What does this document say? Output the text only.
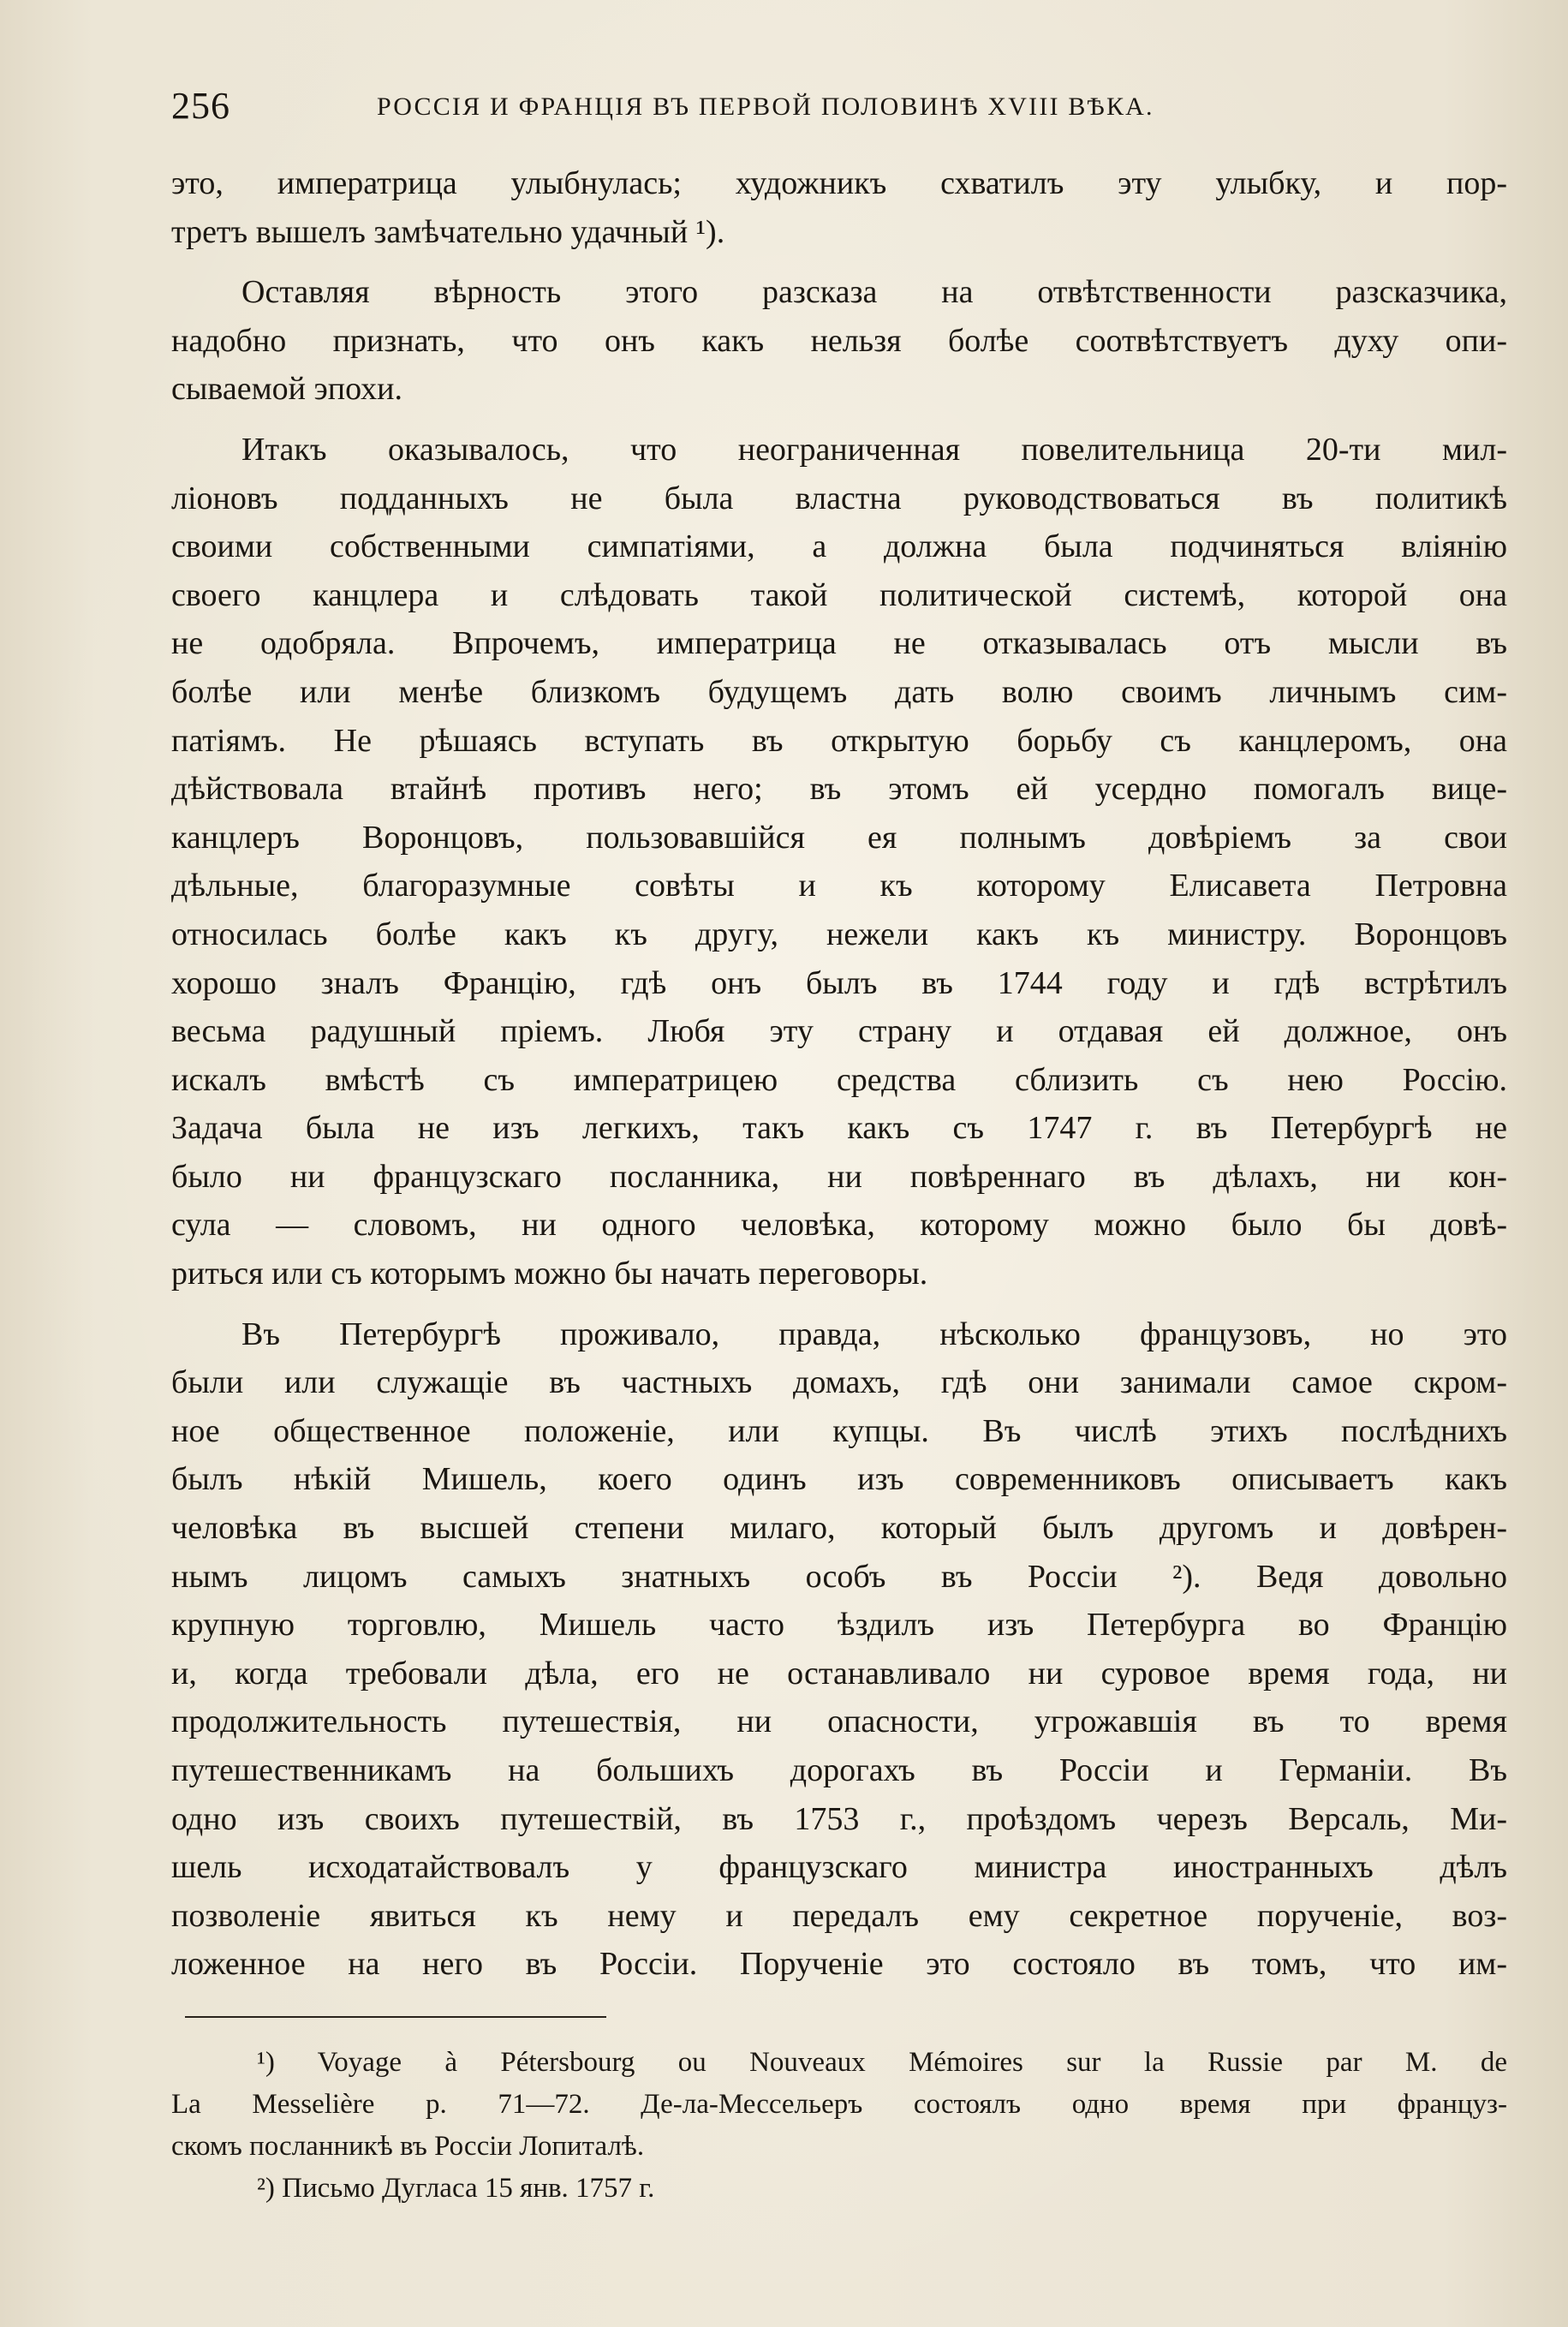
256	РОССІЯ И ФРАНЦІЯ ВЪ ПЕРВОЙ ПОЛОВИНѢ XVIII ВѢКА.
это, императрица улыбнулась; художникъ схватилъ эту улыбку, и пор-
третъ вышелъ замѣчательно удачный ¹).
Оставляя вѣрность этого разсказа на отвѣтственности разсказчика,
надобно признать, что онъ какъ нельзя болѣе соотвѣтствуетъ духу опи-
сываемой эпохи.
Итакъ оказывалось, что неограниченная повелительница 20-ти мил-
ліоновъ подданныхъ не была властна руководствоваться въ политикѣ
своими собственными симпатіями, а должна была подчиняться вліянію
своего канцлера и слѣдовать такой политической системѣ, которой она
не одобряла. Впрочемъ, императрица не отказывалась отъ мысли въ
болѣе или менѣе близкомъ будущемъ дать волю своимъ личнымъ сим-
патіямъ. Не рѣшаясь вступать въ открытую борьбу съ канцлеромъ, она
дѣйствовала втайнѣ противъ него; въ этомъ ей усердно помогалъ вице-
канцлеръ Воронцовъ, пользовавшійся ея полнымъ довѣріемъ за свои
дѣльные, благоразумные совѣты и къ которому Елисавета Петровна
относилась болѣе какъ къ другу, нежели какъ къ министру. Воронцовъ
хорошо зналъ Францію, гдѣ онъ былъ въ 1744 году и гдѣ встрѣтилъ
весьма радушный пріемъ. Любя эту страну и отдавая ей должное, онъ
искалъ вмѣстѣ съ императрицею средства сблизить съ нею Россію.
Задача была не изъ легкихъ, такъ какъ съ 1747 г. въ Петербургѣ не
было ни французскаго посланника, ни повѣреннаго въ дѣлахъ, ни кон-
сула — словомъ, ни одного человѣка, которому можно было бы довѣ-
риться или съ которымъ можно бы начать переговоры.
Въ Петербургѣ проживало, правда, нѣсколько французовъ, но это
были или служащіе въ частныхъ домахъ, гдѣ они занимали самое скром-
ное общественное положеніе, или купцы. Въ числѣ этихъ послѣднихъ
былъ нѣкій Мишель, коего одинъ изъ современниковъ описываетъ какъ
человѣка въ высшей степени милаго, который былъ другомъ и довѣрен-
нымъ лицомъ самыхъ знатныхъ особъ въ Россіи ²). Ведя довольно
крупную торговлю, Мишель часто ѣздилъ изъ Петербурга во Францію
и, когда требовали дѣла, его не останавливало ни суровое время года, ни
продолжительность путешествія, ни опасности, угрожавшія въ то время
путешественникамъ на большихъ дорогахъ въ Россіи и Германіи. Въ
одно изъ своихъ путешествій, въ 1753 г., проѣздомъ черезъ Версаль, Ми-
шель исходатайствовалъ у французскаго министра иностранныхъ дѣлъ
позволеніе явиться къ нему и передалъ ему секретное порученіе, воз-
ложенное на него въ Россіи. Порученіе это состояло въ томъ, что им-
¹) Voyage à Pétersbourg ou Nouveaux Mémoires sur la Russie par M. de
La Messelière p. 71—72. Де-ла-Мессельеръ состоялъ одно время при француз-
скомъ посланникѣ въ Россіи Лопиталѣ.
²) Письмо Дугласа 15 янв. 1757 г.
